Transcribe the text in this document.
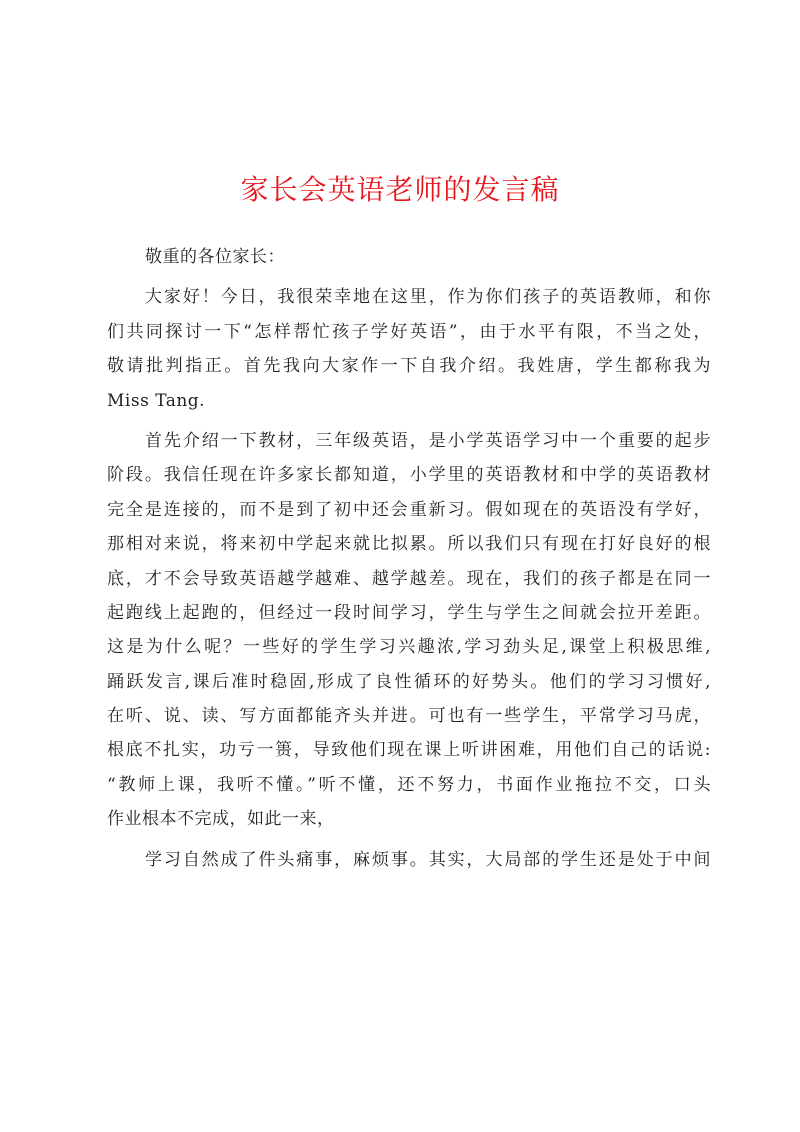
家长会英语老师的发言稿
敬重的各位家长：
大家好！今日，我很荣幸地在这里，作为你们孩子的英语教师，和你
们共同探讨一下“怎样帮忙孩子学好英语”，由于水平有限，不当之处，
敬请批判指正。首先我向大家作一下自我介绍。我姓唐，学生都称我为
Miss Tang.
首先介绍一下教材，三年级英语，是小学英语学习中一个重要的起步
阶段。我信任现在许多家长都知道，小学里的英语教材和中学的英语教材
完全是连接的，而不是到了初中还会重新习。假如现在的英语没有学好，
那相对来说，将来初中学起来就比拟累。所以我们只有现在打好良好的根
底，才不会导致英语越学越难、越学越差。现在，我们的孩子都是在同一
起跑线上起跑的，但经过一段时间学习，学生与学生之间就会拉开差距。
这是为什么呢？一些好的学生学习兴趣浓,学习劲头足,课堂上积极思维,
踊跃发言,课后准时稳固,形成了良性循环的好势头。他们的学习习惯好,
在听、说、读、写方面都能齐头并进。可也有一些学生，平常学习马虎，
根底不扎实，功亏一篑，导致他们现在课上听讲困难，用他们自己的话说:
“教师上课，我听不懂。”听不懂，还不努力，书面作业拖拉不交，口头
作业根本不完成，如此一来，
学习自然成了件头痛事，麻烦事。其实，大局部的学生还是处于中间
